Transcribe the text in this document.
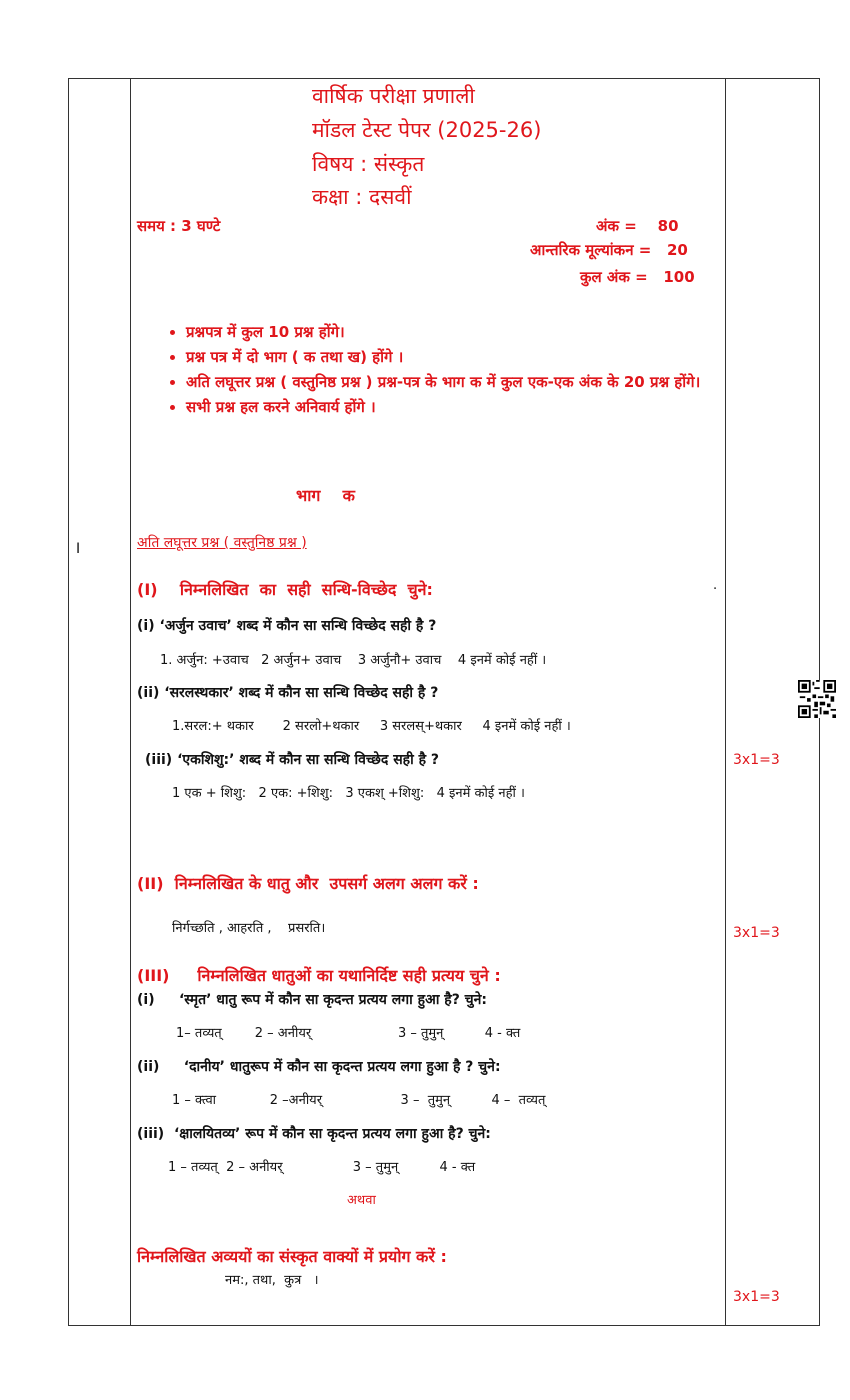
वार्षिक परीक्षा प्रणाली
मॉडल टेस्ट पेपर (2025-26)
विषय : संस्कृत
कक्षा : दसवीं
समय : 3 घण्टे	अंक =    80
आन्तरिक मूल्यांकन =   20
कुल अंक =   100
• प्रश्नपत्र में कुल 10 प्रश्न होंगे।
• प्रश्न पत्र में दो भाग ( क तथा ख) होंगे ।
• अति लघूत्तर प्रश्न ( वस्तुनिष्ठ प्रश्न ) प्रश्न-पत्र के भाग क में कुल एक-एक अंक के 20 प्रश्न होंगे।
• सभी प्रश्न हल करने अनिवार्य होंगे ।
भाग    क
I	अति लघूत्तर प्रश्न ( वस्तुनिष्ठ प्रश्न )
(I)    निम्नलिखित  का  सही  सन्धि-विच्छेद  चुने:	.
(i) ‘अर्जुन उवाच’ शब्द में कौन सा सन्धि विच्छेद सही है ?
1. अर्जुन: +उवाच   2 अर्जुन+ उवाच    3 अर्जुनौ+ उवाच    4 इनमें कोई नहीं ।
(ii) ‘सरलस्थकार’ शब्द में कौन सा सन्धि विच्छेद सही है ?
1.सरल:+ थकार       2 सरलो+थकार     3 सरलस्+थकार     4 इनमें कोई नहीं ।
(iii) ‘एकशिशु:’ शब्द में कौन सा सन्धि विच्छेद सही है ?
1 एक + शिशु:   2 एक: +शिशु:   3 एकश् +शिशु:   4 इनमें कोई नहीं ।
3x1=3
(II)  निम्नलिखित के धातु और  उपसर्ग अलग अलग करें :
निर्गच्छति , आहरति ,    प्रसरति।	3x1=3
(III)     निम्नलिखित धातुओं का यथानिर्दिष्ट सही प्रत्यय चुने :
(i)     ‘स्मृत’ धातु रूप में कौन सा कृदन्त प्रत्यय लगा हुआ है? चुने:
1– तव्यत्        2 – अनीयर्                     3 – तुमुन्          4 - क्त
(ii)     ‘दानीय’ धातुरूप में कौन सा कृदन्त प्रत्यय लगा हुआ है ? चुने:
1 – क्त्वा             2 –अनीयर्                   3 –  तुमुन्          4 –  तव्यत्
(iii)  ‘क्षालयितव्य’ रूप में कौन सा कृदन्त प्रत्यय लगा हुआ है? चुने:
1 – तव्यत्  2 – अनीयर्                 3 – तुमुन्          4 - क्त
अथवा
निम्नलिखित अव्ययों का संस्कृत वाक्यों में प्रयोग करें :
नम:, तथा,  कुत्र   ।
3x1=3
